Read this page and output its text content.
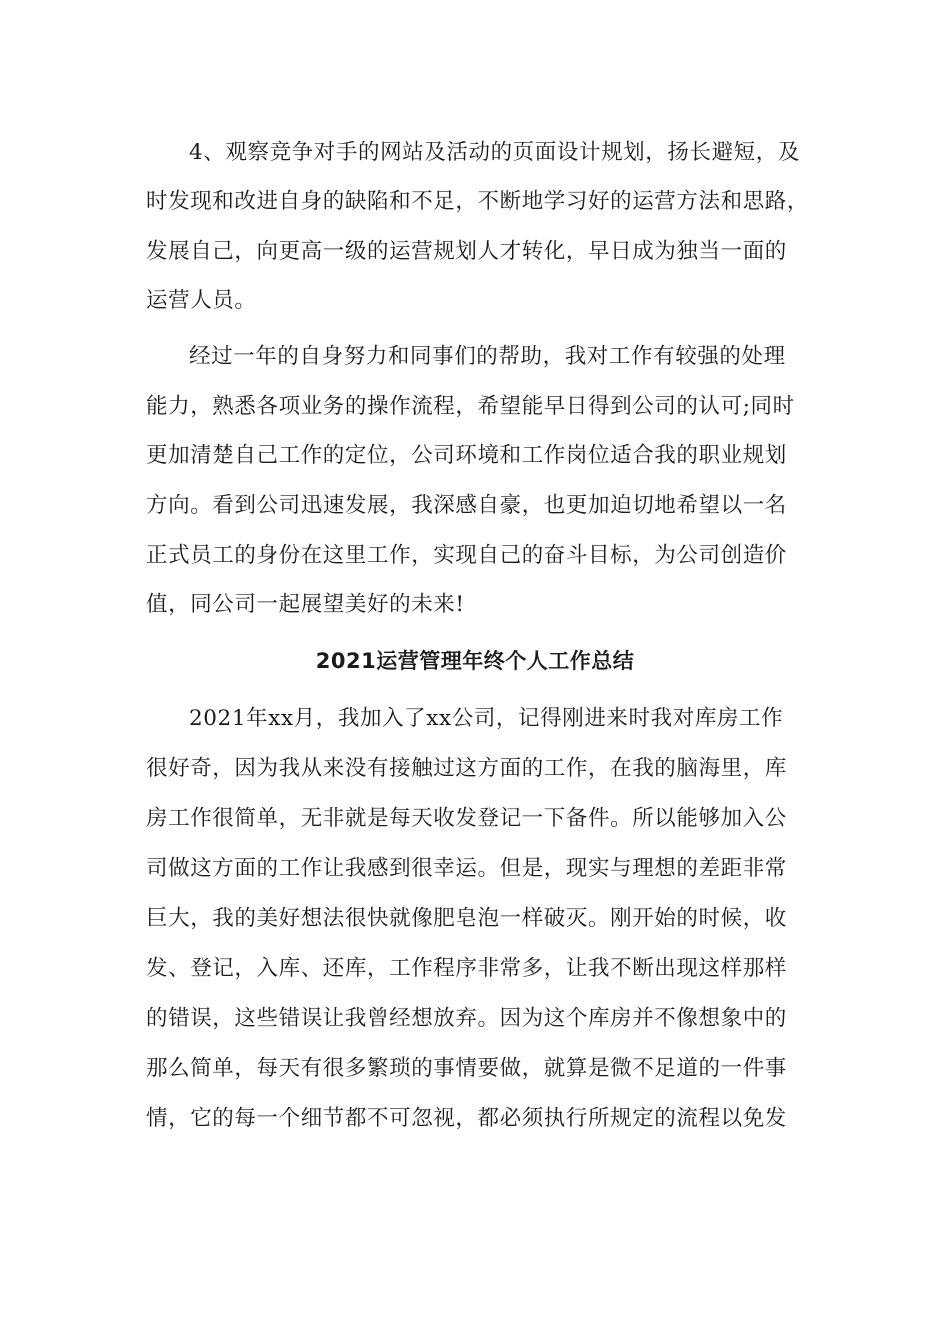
4、观察竞争对手的网站及活动的页面设计规划，扬长避短，及
时发现和改进自身的缺陷和不足，不断地学习好的运营方法和思路，
发展自己，向更高一级的运营规划人才转化，早日成为独当一面的
运营人员。
经过一年的自身努力和同事们的帮助，我对工作有较强的处理
能力，熟悉各项业务的操作流程，希望能早日得到公司的认可;同时
更加清楚自己工作的定位，公司环境和工作岗位适合我的职业规划
方向。看到公司迅速发展，我深感自豪，也更加迫切地希望以一名
正式员工的身份在这里工作，实现自己的奋斗目标，为公司创造价
值，同公司一起展望美好的未来!
2021运营管理年终个人工作总结
2021年xx月，我加入了xx公司，记得刚进来时我对库房工作
很好奇，因为我从来没有接触过这方面的工作，在我的脑海里，库
房工作很简单，无非就是每天收发登记一下备件。所以能够加入公
司做这方面的工作让我感到很幸运。但是，现实与理想的差距非常
巨大，我的美好想法很快就像肥皂泡一样破灭。刚开始的时候，收
发、登记，入库、还库，工作程序非常多，让我不断出现这样那样
的错误，这些错误让我曾经想放弃。因为这个库房并不像想象中的
那么简单，每天有很多繁琐的事情要做，就算是微不足道的一件事
情，它的每一个细节都不可忽视，都必须执行所规定的流程以免发
